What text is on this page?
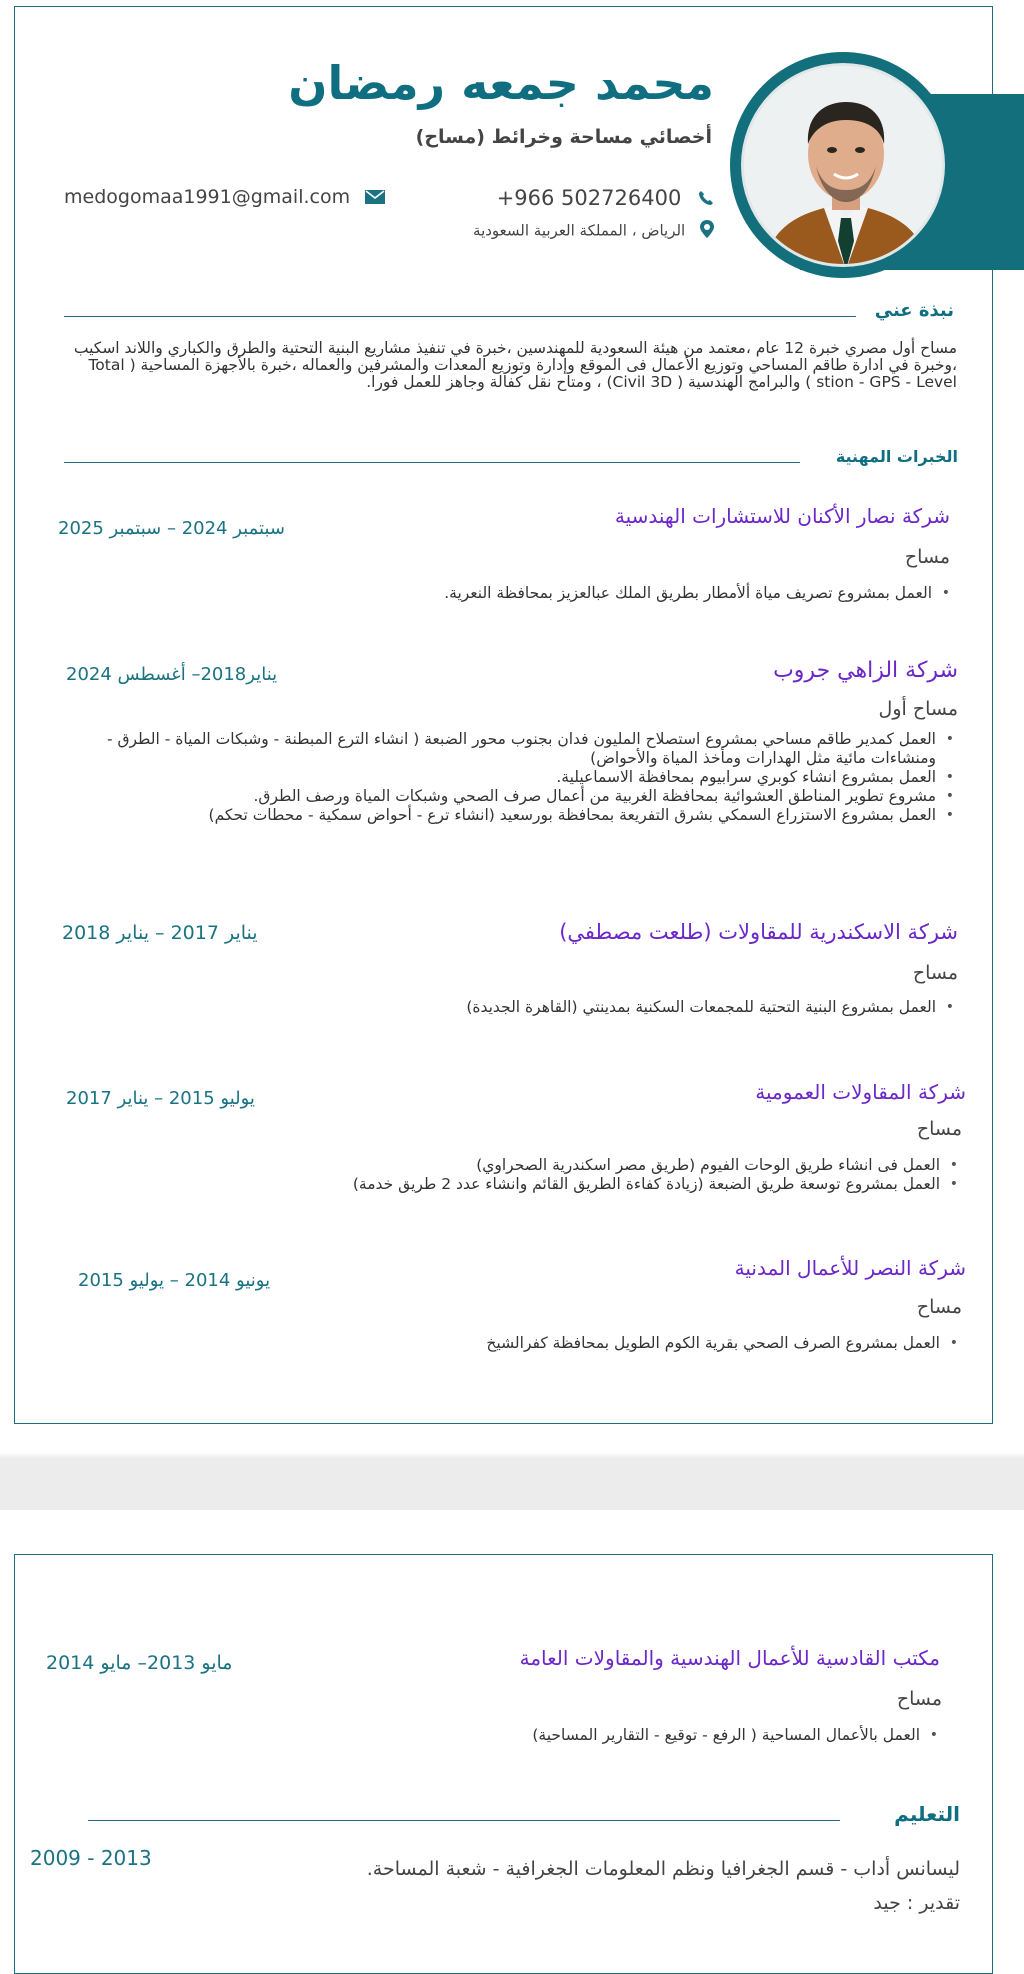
محمد جمعه رمضان
أخصائي مساحة وخرائط (مساح)
+966 502726400
medogomaa1991@gmail.com
الرياض ، المملكة العربية السعودية
نبذة عني
مساح أول مصري خبرة 12 عام ،معتمد من هيئة السعودية للمهندسين ،خبرة في تنفيذ مشاريع البنية التحتية والطرق والكباري واللاند اسكيب ،وخبرة في ادارة طاقم المساحي وتوزيع الأعمال فى الموقع وإدارة وتوزيع المعدات والمشرفين والعماله ،خبرة بالأجهزة المساحية ( Total stion - GPS - Level ) والبرامج الهندسية ( Civil 3D) ، ومتاح نقل كفالة وجاهز للعمل فورا.
الخبرات المهنية
شركة نصار الأكنان للاستشارات الهندسية
سبتمبر 2024 – سبتمبر 2025
مساح
• العمل بمشروع تصريف مياة ألأمطار بطريق الملك عبالعزيز بمحافظة النعرية.
شركة الزاهي جروب
يناير2018– أغسطس 2024
مساح أول
• العمل كمدير طاقم مساحي بمشروع استصلاح المليون فدان بجنوب محور الضبعة ( انشاء الترع المبطنة - وشبكات المياة - الطرق - ومنشاءات مائية مثل الهدارات ومأخذ المياة والأحواض)
• العمل بمشروع انشاء كوبري سرابيوم بمحافظة الاسماعيلية.
• مشروع تطوير المناطق العشوائية بمحافظة الغربية من أعمال صرف الصحي وشبكات المياة ورصف الطرق.
• العمل بمشروع الاستزراع السمكي بشرق التفريعة بمحافظة بورسعيد (انشاء ترع - أحواض سمكية - محطات تحكم)
شركة الاسكندرية للمقاولات (طلعت مصطفي)
يناير 2017 – يناير 2018
مساح
• العمل بمشروع البنية التحتية للمجمعات السكنية بمدينتي (القاهرة الجديدة)
شركة المقاولات العمومية
يوليو 2015 – يناير 2017
مساح
• العمل فى انشاء طريق الوحات الفيوم (طريق مصر اسكندرية الصحراوي)
• العمل بمشروع توسعة طريق الضبعة (زيادة كفاءة الطريق القائم وانشاء عدد 2 طريق خدمة)
شركة النصر للأعمال المدنية
يونيو 2014 – يوليو 2015
مساح
• العمل بمشروع الصرف الصحي بقرية الكوم الطويل بمحافظة كفرالشيخ
مكتب القادسية للأعمال الهندسية والمقاولات العامة
مايو 2013– مايو 2014
مساح
• العمل بالأعمال المساحية ( الرفع - توقيع - التقارير المساحية)
التعليم
2009 - 2013	ليسانس أداب - قسم الجغرافيا ونظم المعلومات الجغرافية - شعبة المساحة.
تقدير : جيد
